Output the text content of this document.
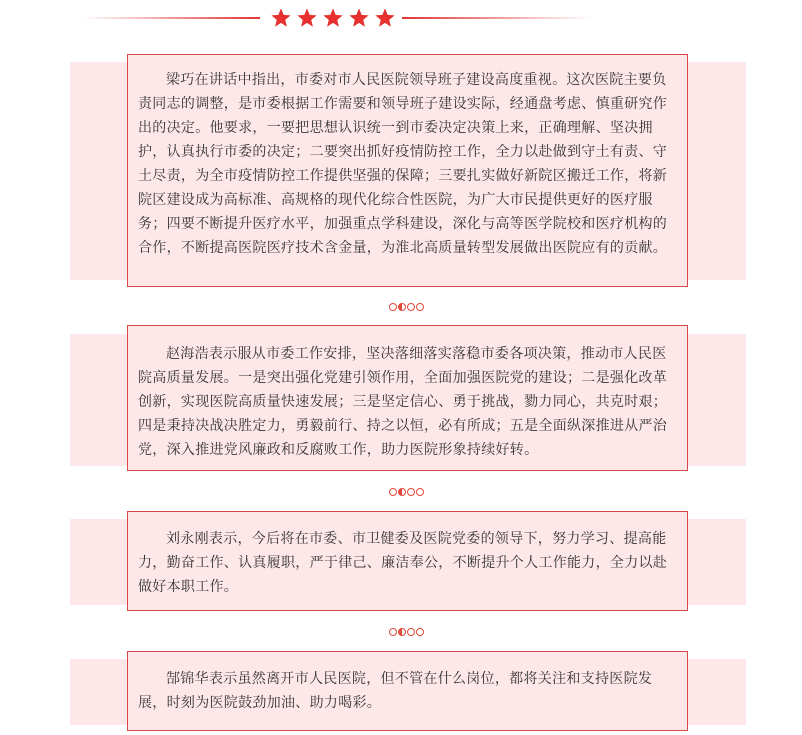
梁巧在讲话中指出，市委对市人民医院领导班子建设高度重视。这次医院主要负责同志的调整，是市委根据工作需要和领导班子建设实际，经通盘考虑、慎重研究作出的决定。他要求，一要把思想认识统一到市委决定决策上来，正确理解、坚决拥护，认真执行市委的决定；二要突出抓好疫情防控工作，全力以赴做到守土有责、守土尽责，为全市疫情防控工作提供坚强的保障；三要扎实做好新院区搬迁工作，将新院区建设成为高标准、高规格的现代化综合性医院，为广大市民提供更好的医疗服务；四要不断提升医疗水平，加强重点学科建设，深化与高等医学院校和医疗机构的合作，不断提高医院医疗技术含金量，为淮北高质量转型发展做出医院应有的贡献。

赵海浩表示服从市委工作安排，坚决落细落实落稳市委各项决策，推动市人民医院高质量发展。一是突出强化党建引领作用，全面加强医院党的建设；二是强化改革创新，实现医院高质量快速发展；三是坚定信心、勇于挑战，勠力同心，共克时艰；四是秉持决战决胜定力，勇毅前行、持之以恒，必有所成；五是全面纵深推进从严治党，深入推进党风廉政和反腐败工作，助力医院形象持续好转。

刘永刚表示，今后将在市委、市卫健委及医院党委的领导下，努力学习、提高能力，勤奋工作、认真履职，严于律己、廉洁奉公，不断提升个人工作能力，全力以赴做好本职工作。

郜锦华表示虽然离开市人民医院，但不管在什么岗位，都将关注和支持医院发展，时刻为医院鼓劲加油、助力喝彩。
